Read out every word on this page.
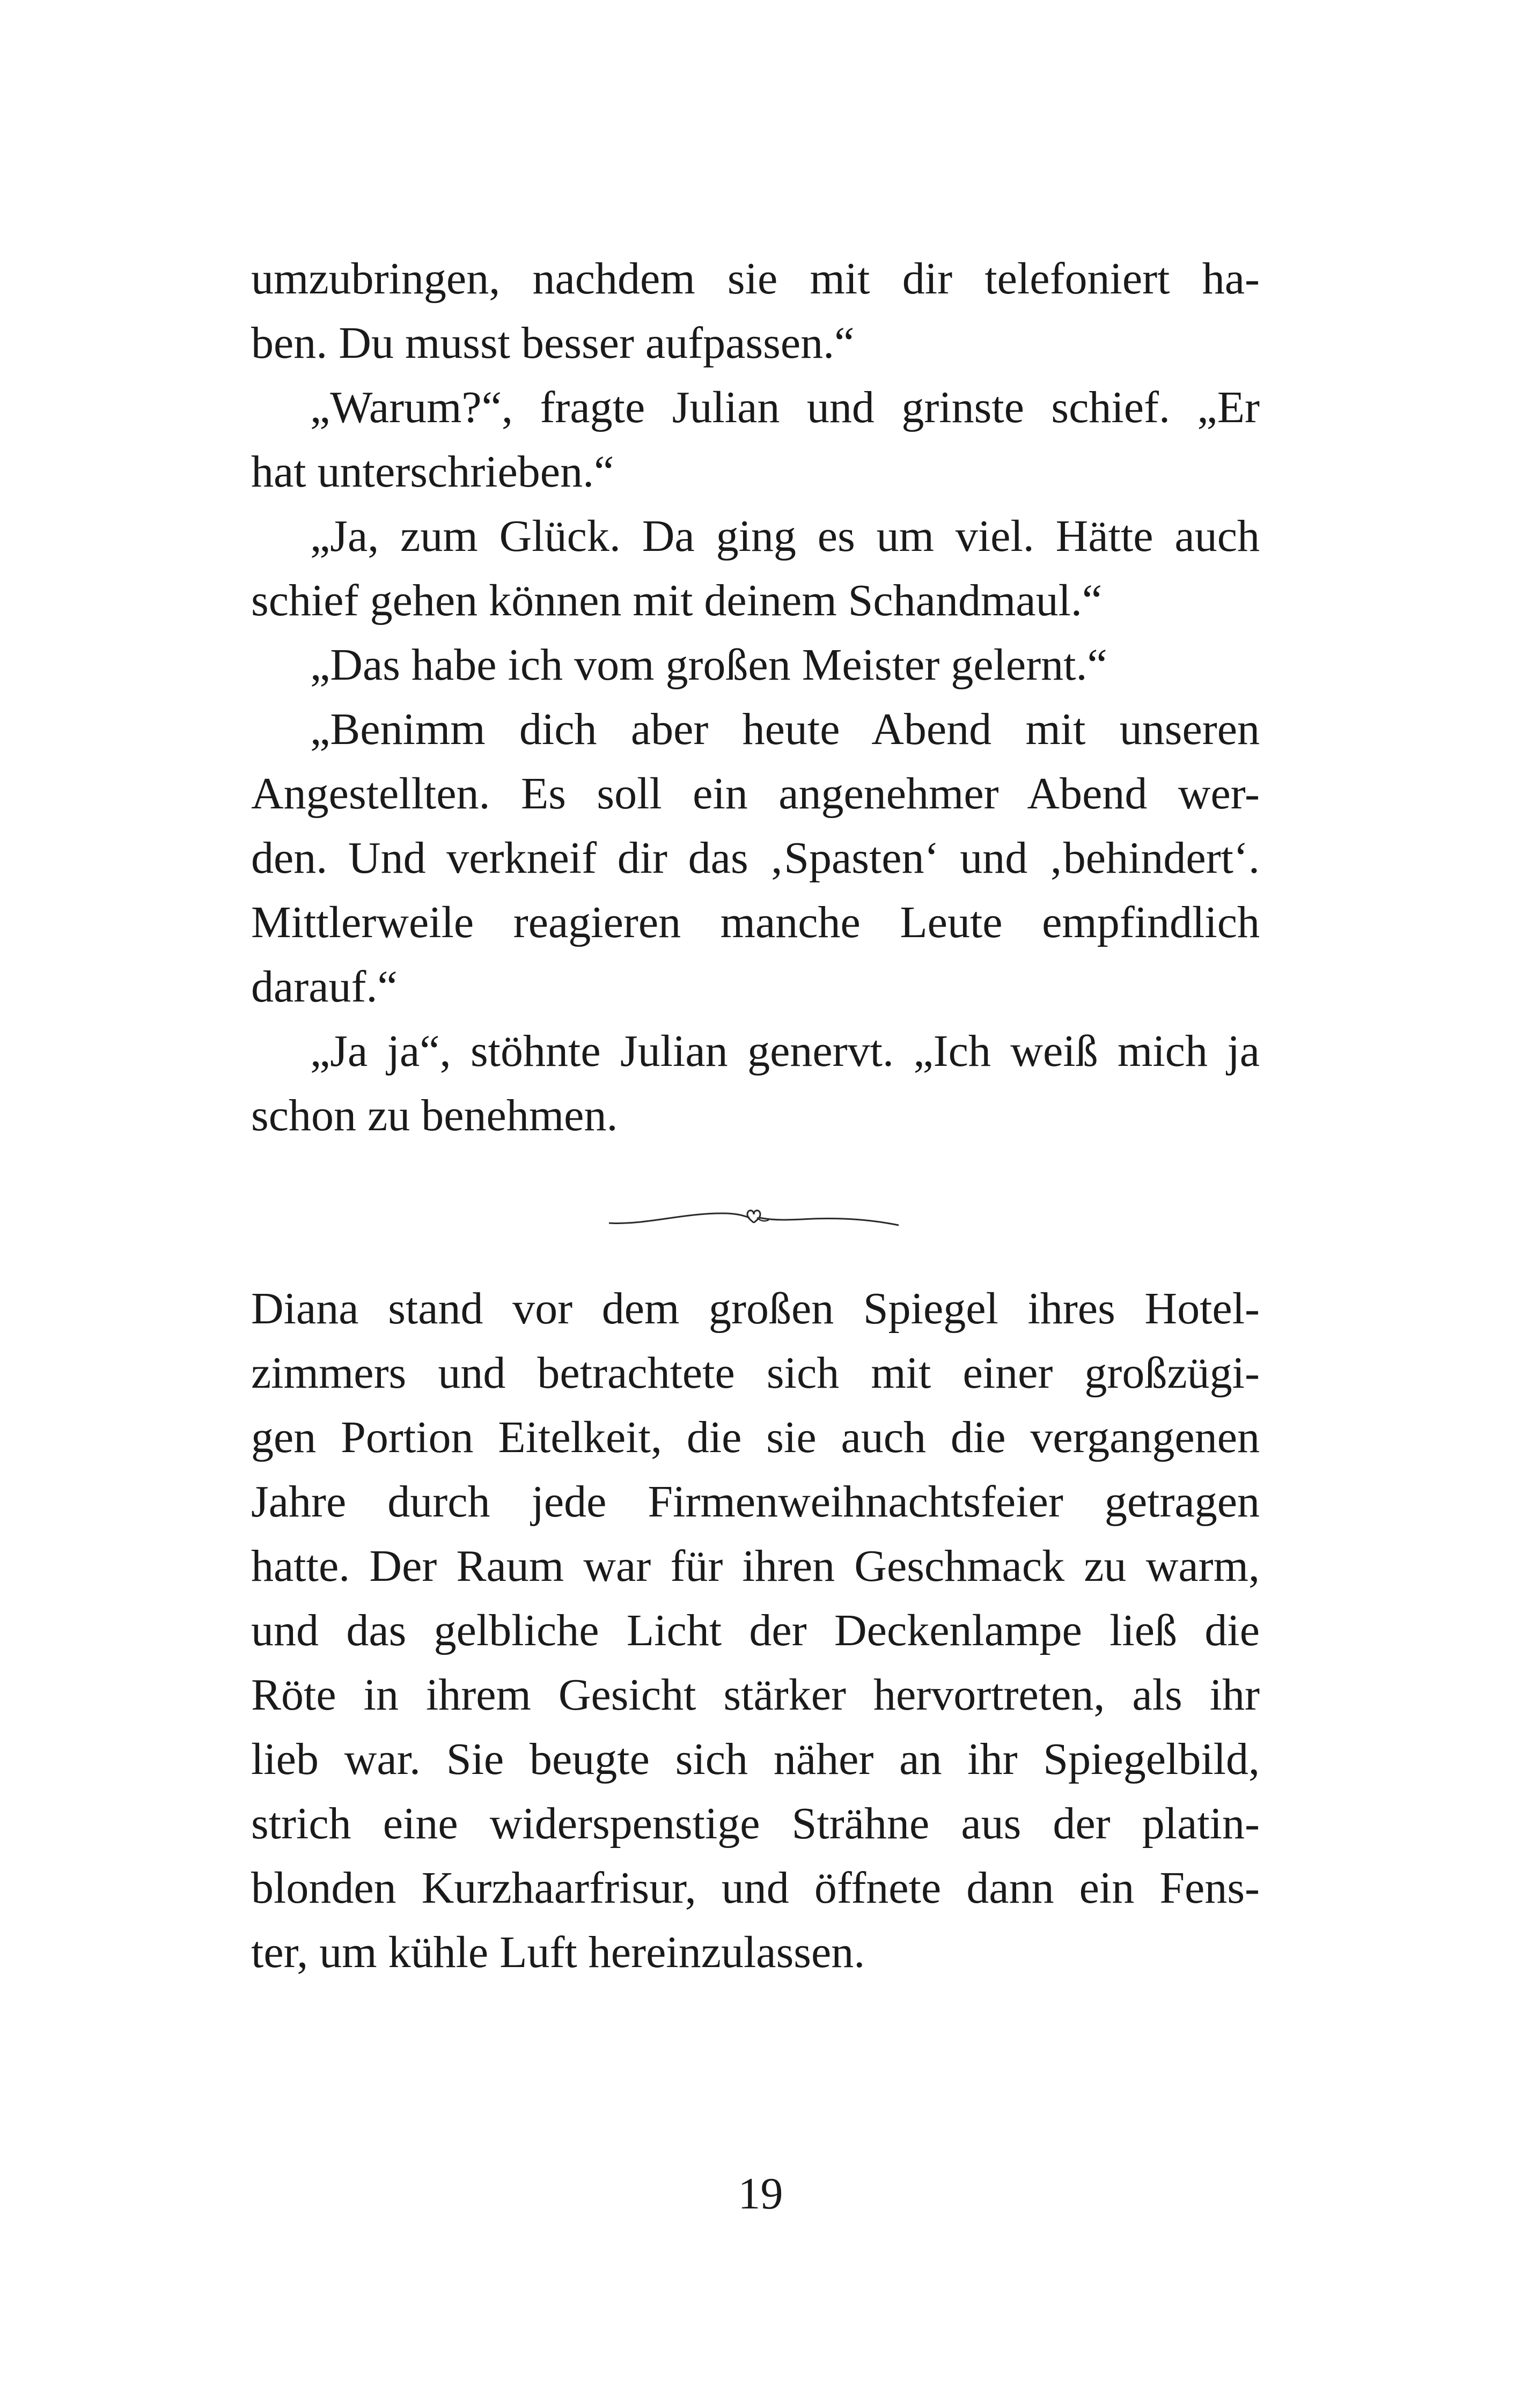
umzubringen, nachdem sie mit dir telefoniert ha-
ben. Du musst besser aufpassen.“
„Warum?“, fragte Julian und grinste schief. „Er
hat unterschrieben.“
„Ja, zum Glück. Da ging es um viel. Hätte auch
schief gehen können mit deinem Schandmaul.“
„Das habe ich vom großen Meister gelernt.“
„Benimm dich aber heute Abend mit unseren
Angestellten. Es soll ein angenehmer Abend wer-
den. Und verkneif dir das ‚Spasten‘ und ‚behindert‘.
Mittlerweile reagieren manche Leute empfindlich
darauf.“
„Ja ja“, stöhnte Julian genervt. „Ich weiß mich ja
schon zu benehmen.
Diana stand vor dem großen Spiegel ihres Hotel-
zimmers und betrachtete sich mit einer großzügi-
gen Portion Eitelkeit, die sie auch die vergangenen
Jahre durch jede Firmenweihnachtsfeier getragen
hatte. Der Raum war für ihren Geschmack zu warm,
und das gelbliche Licht der Deckenlampe ließ die
Röte in ihrem Gesicht stärker hervortreten, als ihr
lieb war. Sie beugte sich näher an ihr Spiegelbild,
strich eine widerspenstige Strähne aus der platin-
blonden Kurzhaarfrisur, und öffnete dann ein Fens-
ter, um kühle Luft hereinzulassen.
19
